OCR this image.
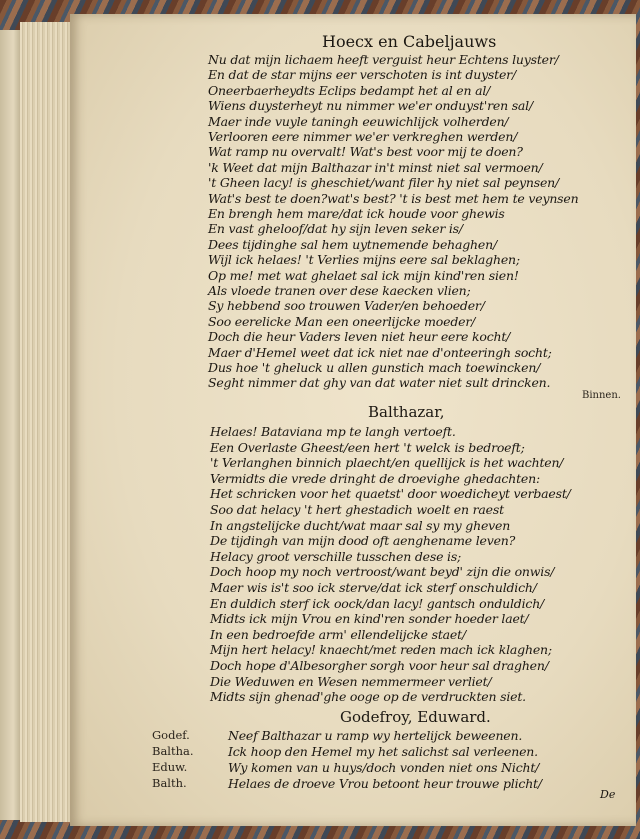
Hoecx en Cabeljauws
Nu dat mijn lichaem heeft verguist heur Echtens luyster/
En dat de star mijns eer verschoten is int duyster/
Oneerbaerheydts Eclips bedampt het al en al/
Wiens duysterheyt nu nimmer we'er onduyst'ren sal/
Maer inde vuyle taningh eeuwichlijck volherden/
Verlooren eere nimmer we'er verkreghen werden/
Wat ramp nu overvalt! Wat's best voor mij te doen?
'k Weet dat mijn Balthazar in't minst niet sal vermoen/
't Gheen lacy! is gheschiet/want filer hy niet sal peynsen/
Wat's best te doen?wat's best? 't is best met hem te veynsen
En brengh hem mare/dat ick houde voor ghewis
En vast gheloof/dat hy sijn leven seker is/
Dees tijdinghe sal hem uytnemende behaghen/
Wijl ick helaes! 't Verlies mijns eere sal beklaghen;
Op me! met wat ghelaet sal ick mijn kind'ren sien!
Als vloede tranen over dese kaecken vlien;
Sy hebbend soo trouwen Vader/en behoeder/
Soo eerelicke Man een oneerlijcke moeder/
Doch die heur Vaders leven niet heur eere kocht/
Maer d'Hemel weet dat ick niet nae d'onteeringh socht;
Dus hoe 't gheluck u allen gunstich mach toewincken/
Seght nimmer dat ghy van dat water niet sult drincken.
Binnen.
Balthazar,
Helaes! Bataviana mp te langh vertoeft.
Een Overlaste Gheest/een hert 't welck is bedroeft;
't Verlanghen binnich plaecht/en quellijck is het wachten/
Vermidts die vrede dringht de droevighe ghedachten:
Het schricken voor het quaetst' door woedicheyt verbaest/
Soo dat helacy 't hert ghestadich woelt en raest
In angstelijcke ducht/wat maar sal sy my gheven
De tijdingh van mijn dood oft aenghename leven?
Helacy groot verschille tusschen dese is;
Doch hoop my noch vertroost/want beyd' zijn die onwis/
Maer wis is't soo ick sterve/dat ick sterf onschuldich/
En duldich sterf ick oock/dan lacy! gantsch onduldich/
Midts ick mijn Vrou en kind'ren sonder hoeder laet/
In een bedroefde arm' ellendelijcke staet/
Mijn hert helacy! knaecht/met reden mach ick klaghen;
Doch hope d'Albesorgher sorgh voor heur sal draghen/
Die Weduwen en Wesen nemmermeer verliet/
Midts sijn ghenad'ghe ooge op de verdruckten siet.
Godefroy, Eduward.
Godef.	Neef Balthazar u ramp wy hertelijck beweenen.
Baltha.	Ick hoop den Hemel my het salichst sal verleenen.
Eduw.	Wy komen van u huys/doch vonden niet ons Nicht/
Balth.	Helaes de droeve Vrou betoont heur trouwe plicht/
De
